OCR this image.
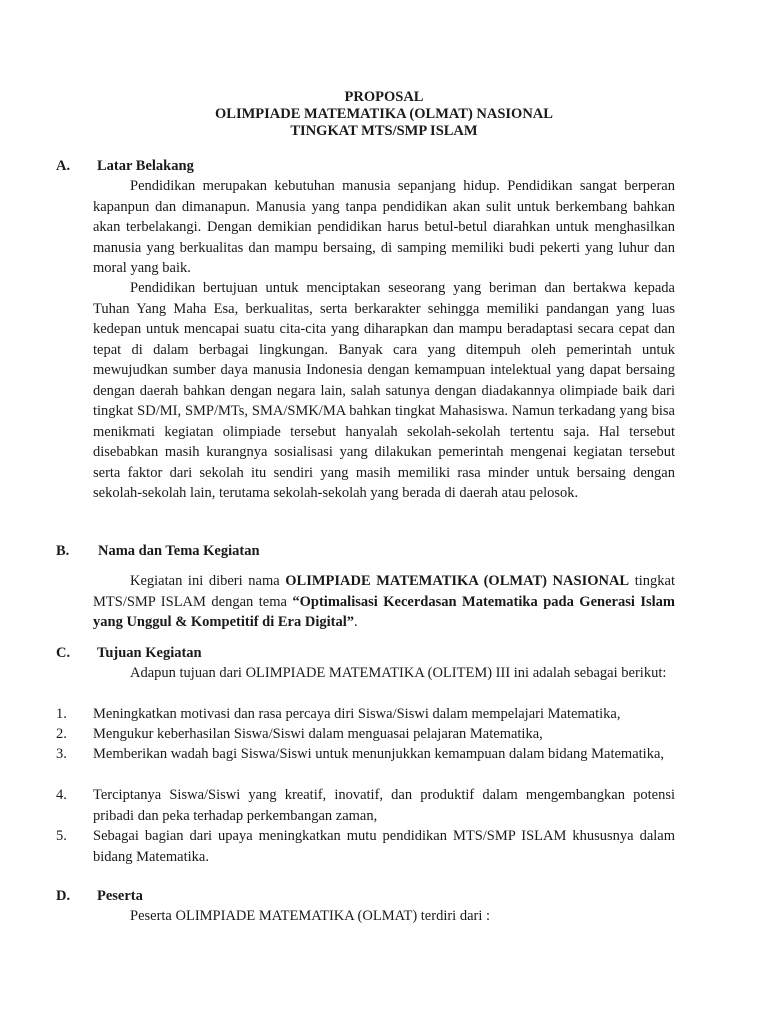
PROPOSAL
OLIMPIADE MATEMATIKA (OLMAT) NASIONAL
TINGKAT MTS/SMP ISLAM
A. Latar Belakang
Pendidikan merupakan kebutuhan manusia sepanjang hidup. Pendidikan sangat berperan kapanpun dan dimanapun. Manusia yang tanpa pendidikan akan sulit untuk berkembang bahkan akan terbelakangi. Dengan demikian pendidikan harus betul-betul diarahkan untuk menghasilkan manusia yang berkualitas dan mampu bersaing, di samping memiliki budi pekerti yang luhur dan moral yang baik.
Pendidikan bertujuan untuk menciptakan seseorang yang beriman dan bertakwa kepada Tuhan Yang Maha Esa, berkualitas, serta berkarakter sehingga memiliki pandangan yang luas kedepan untuk mencapai suatu cita-cita yang diharapkan dan mampu beradaptasi secara cepat dan tepat di dalam berbagai lingkungan. Banyak cara yang ditempuh oleh pemerintah untuk mewujudkan sumber daya manusia Indonesia dengan kemampuan intelektual yang dapat bersaing dengan daerah bahkan dengan negara lain, salah satunya dengan diadakannya olimpiade baik dari tingkat SD/MI, SMP/MTs, SMA/SMK/MA bahkan tingkat Mahasiswa. Namun terkadang yang bisa menikmati kegiatan olimpiade tersebut hanyalah sekolah-sekolah tertentu saja. Hal tersebut disebabkan masih kurangnya sosialisasi yang dilakukan pemerintah mengenai kegiatan tersebut serta faktor dari sekolah itu sendiri yang masih memiliki rasa minder untuk bersaing dengan sekolah-sekolah lain, terutama sekolah-sekolah yang berada di daerah atau pelosok.
B. Nama dan Tema Kegiatan
Kegiatan ini diberi nama OLIMPIADE MATEMATIKA (OLMAT) NASIONAL tingkat MTS/SMP ISLAM dengan tema “Optimalisasi Kecerdasan Matematika pada Generasi Islam yang Unggul & Kompetitif di Era Digital”.
C. Tujuan Kegiatan
Adapun tujuan dari OLIMPIADE MATEMATIKA (OLITEM) III ini adalah sebagai berikut:
1. Meningkatkan motivasi dan rasa percaya diri Siswa/Siswi dalam mempelajari Matematika,
2. Mengukur keberhasilan Siswa/Siswi dalam menguasai pelajaran Matematika,
3. Memberikan wadah bagi Siswa/Siswi untuk menunjukkan kemampuan dalam bidang Matematika,
4. Terciptanya Siswa/Siswi yang kreatif, inovatif, dan produktif dalam mengembangkan potensi pribadi dan peka terhadap perkembangan zaman,
5. Sebagai bagian dari upaya meningkatkan mutu pendidikan MTS/SMP ISLAM khususnya dalam bidang Matematika.
D. Peserta
Peserta OLIMPIADE MATEMATIKA (OLMAT) terdiri dari :
